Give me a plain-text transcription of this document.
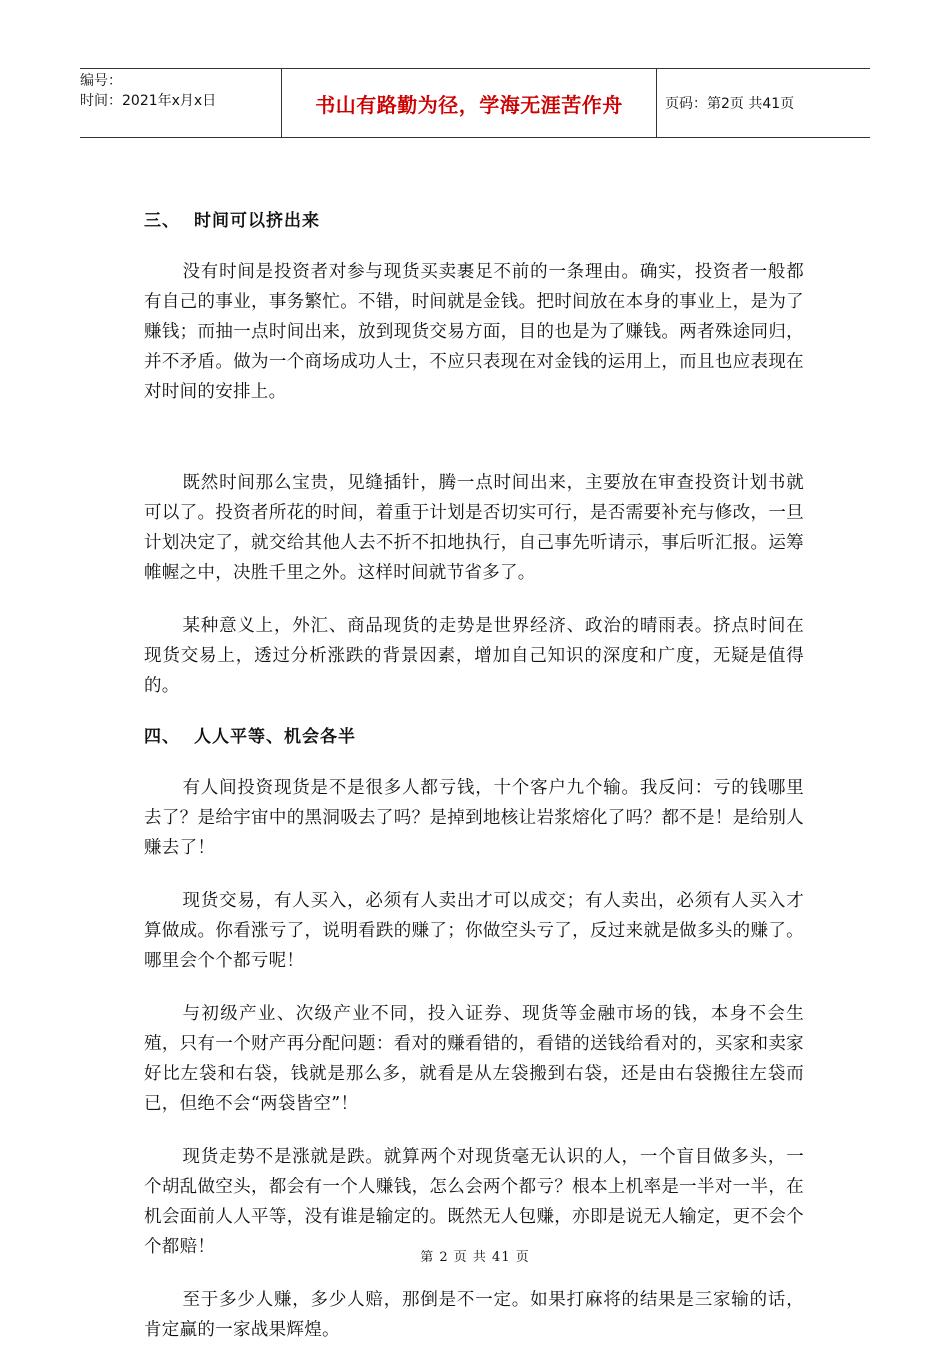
编号：
时间：2021年x月x日	书山有路勤为径，学海无涯苦作舟	页码：第2页 共41页
三、 时间可以挤出来

没有时间是投资者对参与现货买卖裹足不前的一条理由。确实，投资者一般都有自己的事业，事务繁忙。不错，时间就是金钱。把时间放在本身的事业上，是为了赚钱；而抽一点时间出来，放到现货交易方面，目的也是为了赚钱。两者殊途同归，并不矛盾。做为一个商场成功人士，不应只表现在对金钱的运用上，而且也应表现在对时间的安排上。

既然时间那么宝贵，见缝插针，腾一点时间出来，主要放在审查投资计划书就可以了。投资者所花的时间，着重于计划是否切实可行，是否需要补充与修改，一旦计划决定了，就交给其他人去不折不扣地执行，自己事先听请示，事后听汇报。运筹帷幄之中，决胜千里之外。这样时间就节省多了。

某种意义上，外汇、商品现货的走势是世界经济、政治的晴雨表。挤点时间在现货交易上，透过分析涨跌的背景因素，增加自己知识的深度和广度，无疑是值得的。

四、 人人平等、机会各半

有人间投资现货是不是很多人都亏钱，十个客户九个输。我反问：亏的钱哪里去了？是给宇宙中的黑洞吸去了吗？是掉到地核让岩浆熔化了吗？都不是！是给别人赚去了！

现货交易，有人买入，必须有人卖出才可以成交；有人卖出，必须有人买入才算做成。你看涨亏了，说明看跌的赚了；你做空头亏了，反过来就是做多头的赚了。哪里会个个都亏呢！

与初级产业、次级产业不同，投入证券、现货等金融市场的钱，本身不会生殖，只有一个财产再分配问题：看对的赚看错的，看错的送钱给看对的，买家和卖家好比左袋和右袋，钱就是那么多，就看是从左袋搬到右袋，还是由右袋搬往左袋而已，但绝不会“两袋皆空”！

现货走势不是涨就是跌。就算两个对现货毫无认识的人，一个盲目做多头，一个胡乱做空头，都会有一个人赚钱，怎么会两个都亏？根本上机率是一半对一半，在机会面前人人平等，没有谁是输定的。既然无人包赚，亦即是说无人输定，更不会个个都赔！

至于多少人赚，多少人赔，那倒是不一定。如果打麻将的结果是三家输的话，肯定赢的一家战果辉煌。

第 2 页 共 41 页
